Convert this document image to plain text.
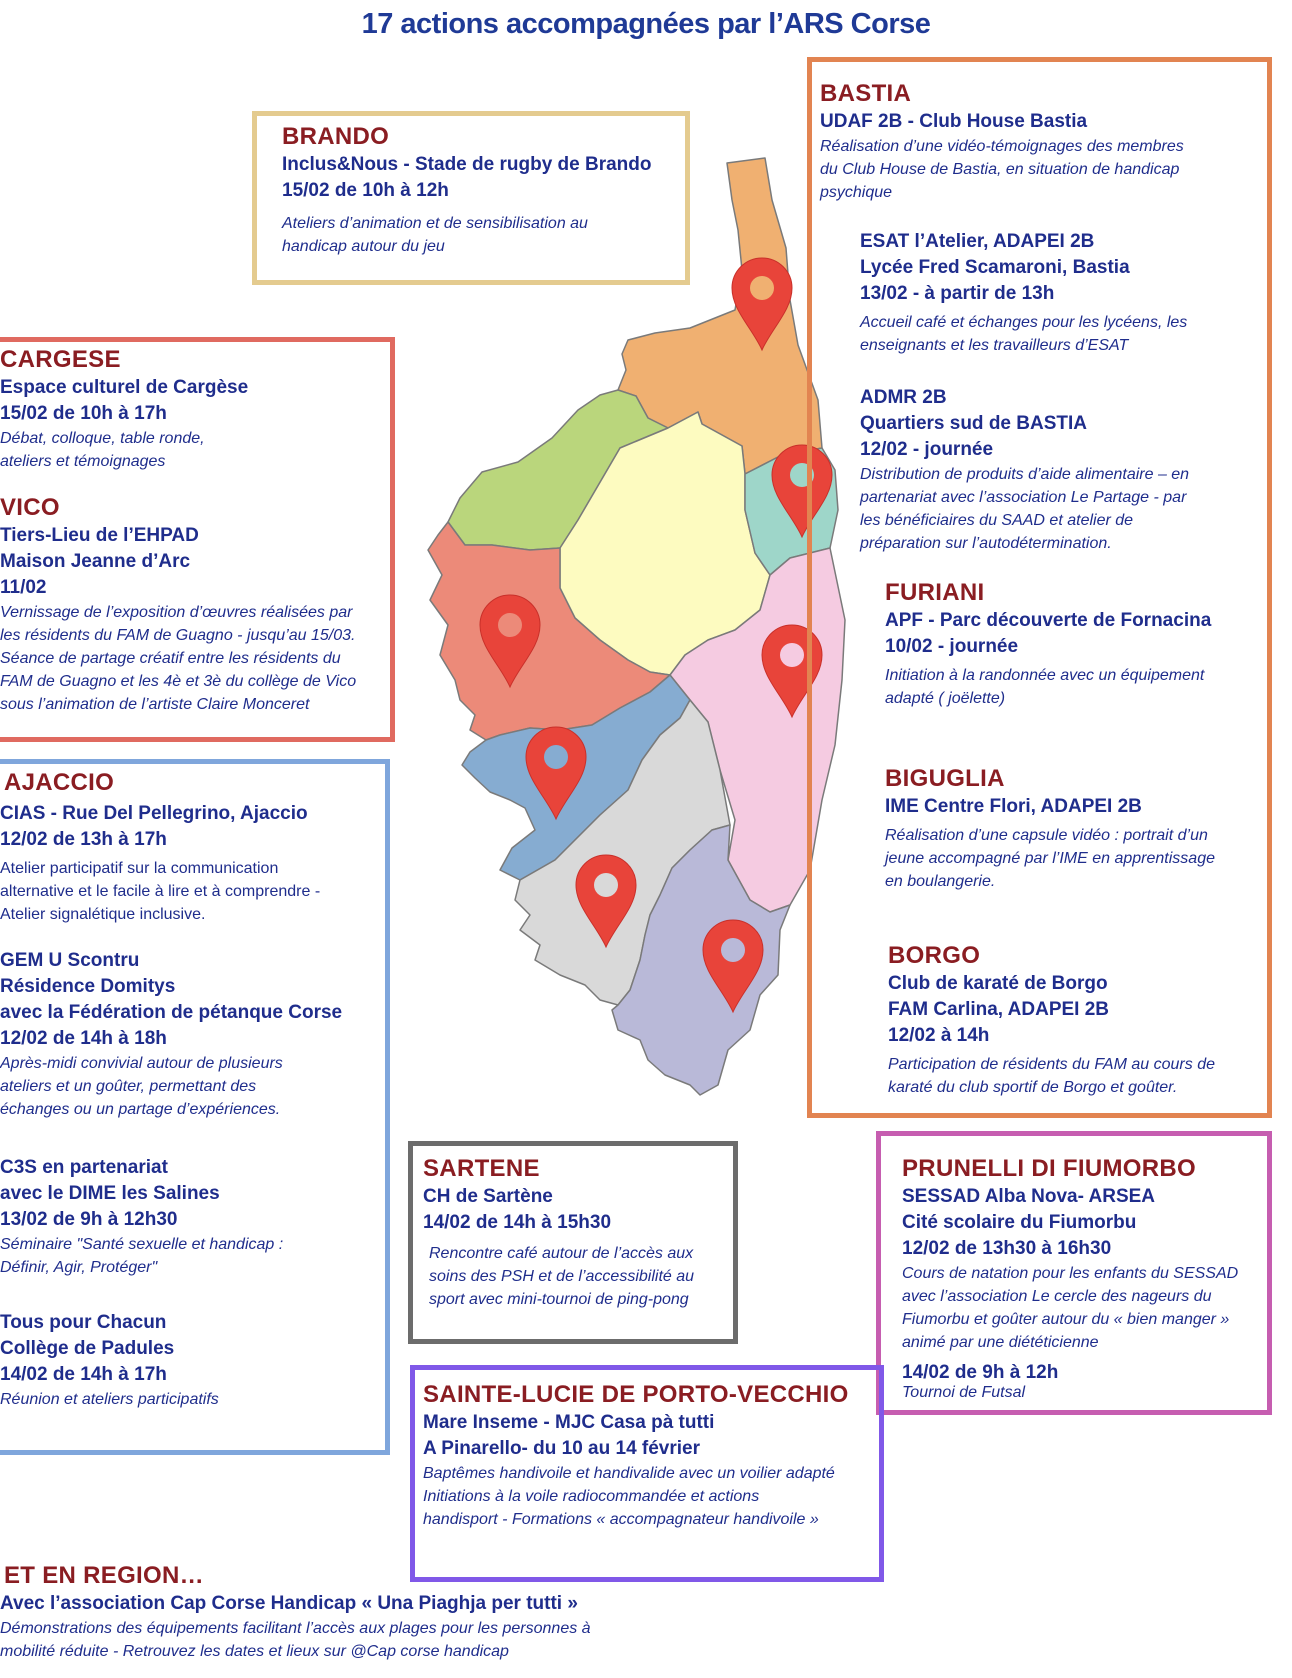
17 actions accompagnées par l’ARS Corse
BRANDO
Inclus&Nous - Stade de rugby de Brando
15/02 de 10h à 12h
Ateliers d’animation et de sensibilisation au
handicap autour du jeu
CARGESE
Espace culturel de Cargèse
15/02 de 10h à 17h
Débat, colloque, table ronde,
ateliers et témoignages
VICO
Tiers-Lieu de l’EHPAD
Maison Jeanne d’Arc
11/02
Vernissage de l’exposition d’œuvres réalisées par
les résidents du FAM de Guagno - jusqu’au 15/03.
Séance de partage créatif entre les résidents du
FAM de Guagno et les 4è et 3è du collège de Vico
sous l’animation de l’artiste Claire Monceret
AJACCIO
CIAS - Rue Del Pellegrino, Ajaccio
12/02 de 13h à 17h
Atelier participatif sur la communication
alternative et le facile à lire et à comprendre -
Atelier signalétique inclusive.
GEM U Scontru
Résidence Domitys
avec la Fédération de pétanque Corse
12/02 de 14h à 18h
Après-midi convivial autour de plusieurs
ateliers et un goûter, permettant des
échanges ou un partage d’expériences.
C3S en partenariat
avec le DIME les Salines
13/02 de 9h à 12h30
Séminaire "Santé sexuelle et handicap :
Définir, Agir, Protéger"
Tous pour Chacun
Collège de Padules
14/02 de 14h à 17h
Réunion et ateliers participatifs
BASTIA
UDAF 2B - Club House Bastia
Réalisation d’une vidéo-témoignages des membres
du Club House de Bastia, en situation de handicap
psychique
ESAT l’Atelier, ADAPEI 2B
Lycée Fred Scamaroni, Bastia
13/02 - à partir de 13h
Accueil café et échanges pour les lycéens, les
enseignants et les travailleurs d’ESAT
ADMR 2B
Quartiers sud de BASTIA
12/02 - journée
Distribution de produits d’aide alimentaire – en
partenariat avec l’association Le Partage - par
les bénéficiaires du SAAD et atelier de
préparation sur l’autodétermination.
FURIANI
APF - Parc découverte de Fornacina
10/02 - journée
Initiation à la randonnée avec un équipement
adapté ( joëlette)
BIGUGLIA
IME Centre Flori, ADAPEI 2B
Réalisation d’une capsule vidéo : portrait d’un
jeune accompagné par l’IME en apprentissage
en boulangerie.
BORGO
Club de karaté de Borgo
FAM Carlina, ADAPEI 2B
12/02 à 14h
Participation de résidents du FAM au cours de
karaté du club sportif de Borgo et goûter.
SARTENE
CH de Sartène
14/02 de 14h à 15h30
Rencontre café autour de l’accès aux
soins des PSH et de l’accessibilité au
sport avec mini-tournoi de ping-pong
PRUNELLI DI FIUMORBO
SESSAD Alba Nova- ARSEA
Cité scolaire du Fiumorbu
12/02 de 13h30 à 16h30
Cours de natation pour les enfants du SESSAD
avec l’association Le cercle des nageurs du
Fiumorbu et goûter autour du « bien manger »
animé par une diététicienne
14/02 de 9h à 12h
Tournoi de Futsal
SAINTE-LUCIE DE PORTO-VECCHIO
Mare Inseme - MJC Casa pà tutti
A Pinarello- du 10 au 14 février
Baptêmes handivoile et handivalide avec un voilier adapté
Initiations à la voile radiocommandée et actions
handisport - Formations « accompagnateur handivoile »
ET EN REGION…
Avec l’association Cap Corse Handicap « Una Piaghja per tutti »
Démonstrations des équipements facilitant l’accès aux plages pour les personnes à
mobilité réduite - Retrouvez les dates et lieux sur @Cap corse handicap
